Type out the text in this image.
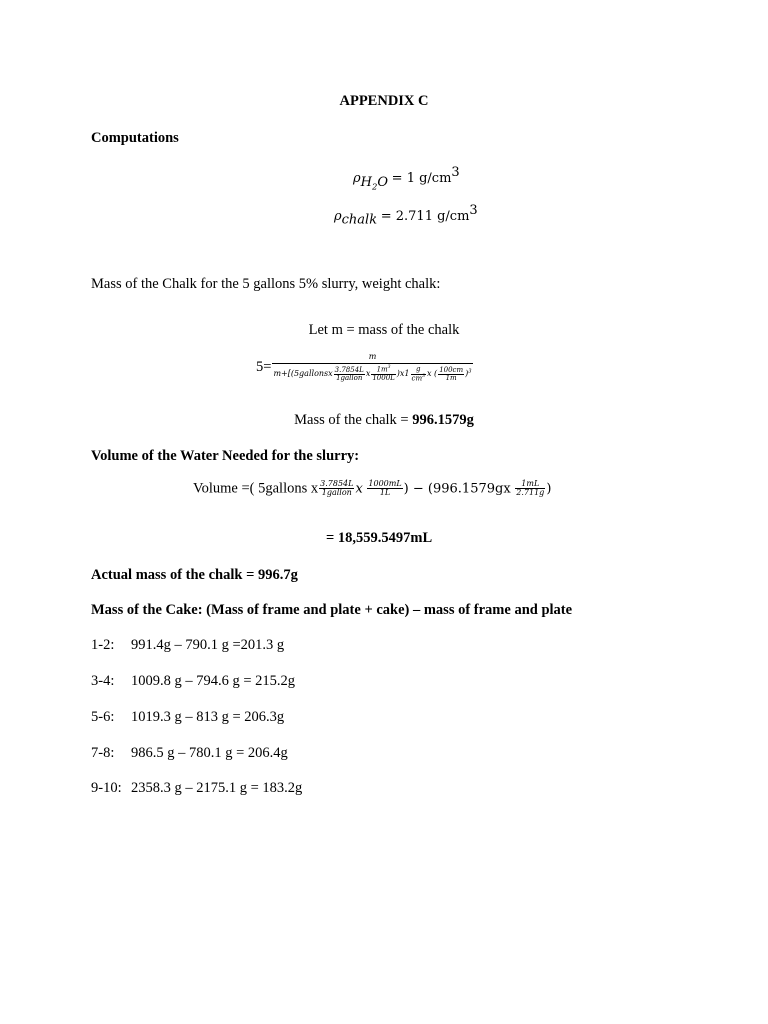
APPENDIX C
Computations
$\rho_{H_2O} = 1$ $g/cm^3$
$\rho_{chalk} = 2.711$ $g/cm^3$
Mass of the Chalk for the 5 gallons 5% slurry, weight chalk:
Let m = mass of the chalk
$5= \frac{m}{m+[(5gallonsx \frac{3.7854L}{\text{1gallon}} x \frac{1m^3}{1000L} )x1 \frac{g}{cm^3} x ( \frac{100cm}{1m} )^3}$
Mass of the chalk = 996.1579g
Volume of the Water Needed for the slurry:
Volume =( 5gallons x $\frac{3.7854L}{\text{1gallon}}$ x $\frac{1000mL}{1L}$ ) − ($996.1579gx \frac{1mL}{2.711g}$ )
= 18,559.5497mL
Actual mass of the chalk = 996.7g
Mass of the Cake: (Mass of frame and plate + cake) – mass of frame and plate
1-2: 991.4g – 790.1 g =201.3 g
3-4: 1009.8 g – 794.6 g = 215.2g
5-6: 1019.3 g – 813 g = 206.3g
7-8: 986.5 g – 780.1 g = 206.4g
9-10: 2358.3 g – 2175.1 g = 183.2g
